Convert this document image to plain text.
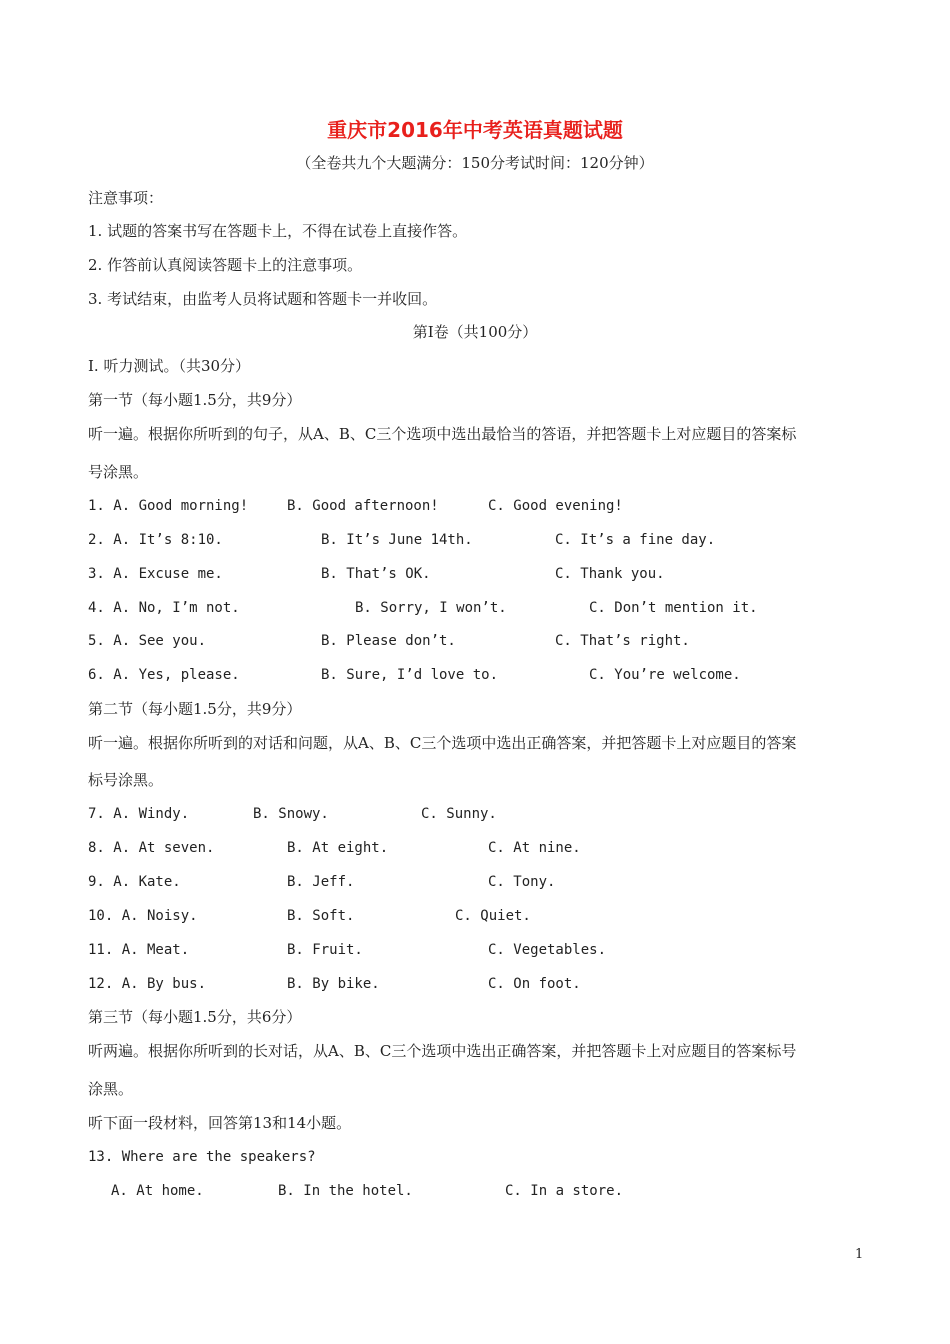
重庆市2016年中考英语真题试题
（全卷共九个大题满分：150分考试时间：120分钟）
注意事项：
1. 试题的答案书写在答题卡上，不得在试卷上直接作答。
2. 作答前认真阅读答题卡上的注意事项。
3. 考试结束，由监考人员将试题和答题卡一并收回。
第Ⅰ卷（共100分）
I. 听力测试。（共30分）
第一节（每小题1.5分，共9分）
听一遍。根据你所听到的句子，从A、B、C三个选项中选出最恰当的答语，并把答题卡上对应题目的答案标
号涂黑。
1. A. Good morning!	B. Good afternoon!	C. Good evening!
2. A. It’s 8:10.	B. It’s June 14th.	C. It’s a fine day.
3. A. Excuse me.	B. That’s OK.	C. Thank you.
4. A. No, I’m not.	B. Sorry, I won’t.	C. Don’t mention it.
5. A. See you.	B. Please don’t.	C. That’s right.
6. A. Yes, please.	B. Sure, I’d love to.	C. You’re welcome.
第二节（每小题1.5分，共9分）
听一遍。根据你所听到的对话和问题，从A、B、C三个选项中选出正确答案，并把答题卡上对应题目的答案
标号涂黑。
7. A. Windy.	B. Snowy.	C. Sunny.
8. A. At seven.	B. At eight.	C. At nine.
9. A. Kate.	B. Jeff.	C. Tony.
10. A. Noisy.	B. Soft.	C. Quiet.
11. A. Meat.	B. Fruit.	C. Vegetables.
12. A. By bus.	B. By bike.	C. On foot.
第三节（每小题1.5分，共6分）
听两遍。根据你所听到的长对话，从A、B、C三个选项中选出正确答案，并把答题卡上对应题目的答案标号
涂黑。
听下面一段材料，回答第13和14小题。
13. Where are the speakers?
A. At home.	B. In the hotel.	C. In a store.
1
